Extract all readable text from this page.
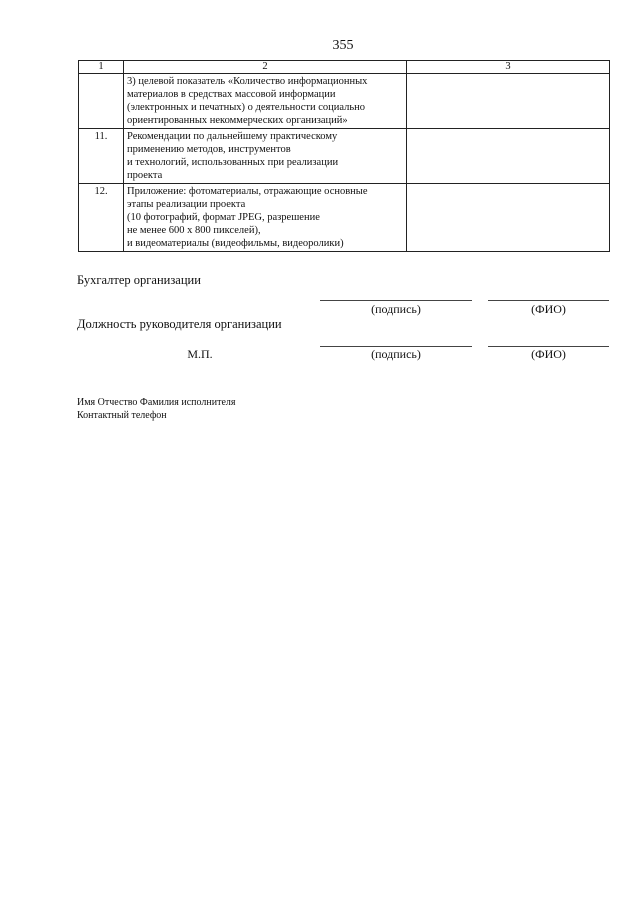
355
1	2	3

	3) целевой показатель «Количество информационных
материалов в средствах массовой информации
(электронных и печатных) о деятельности социально
ориентированных некоммерческих организаций»	

11.	Рекомендации по дальнейшему практическому
применению методов, инструментов
и технологий, использованных при реализации
проекта	

12.	Приложение: фотоматериалы, отражающие основные
этапы реализации проекта
(10 фотографий, формат JPEG, разрешение
не менее 600 х 800 пикселей),
и видеоматериалы (видеофильмы, видеоролики)	

Бухгалтер организации
(подпись)	(ФИО)
Должность руководителя организации
М.П.	(подпись)	(ФИО)
Имя Отчество Фамилия исполнителя
Контактный телефон
